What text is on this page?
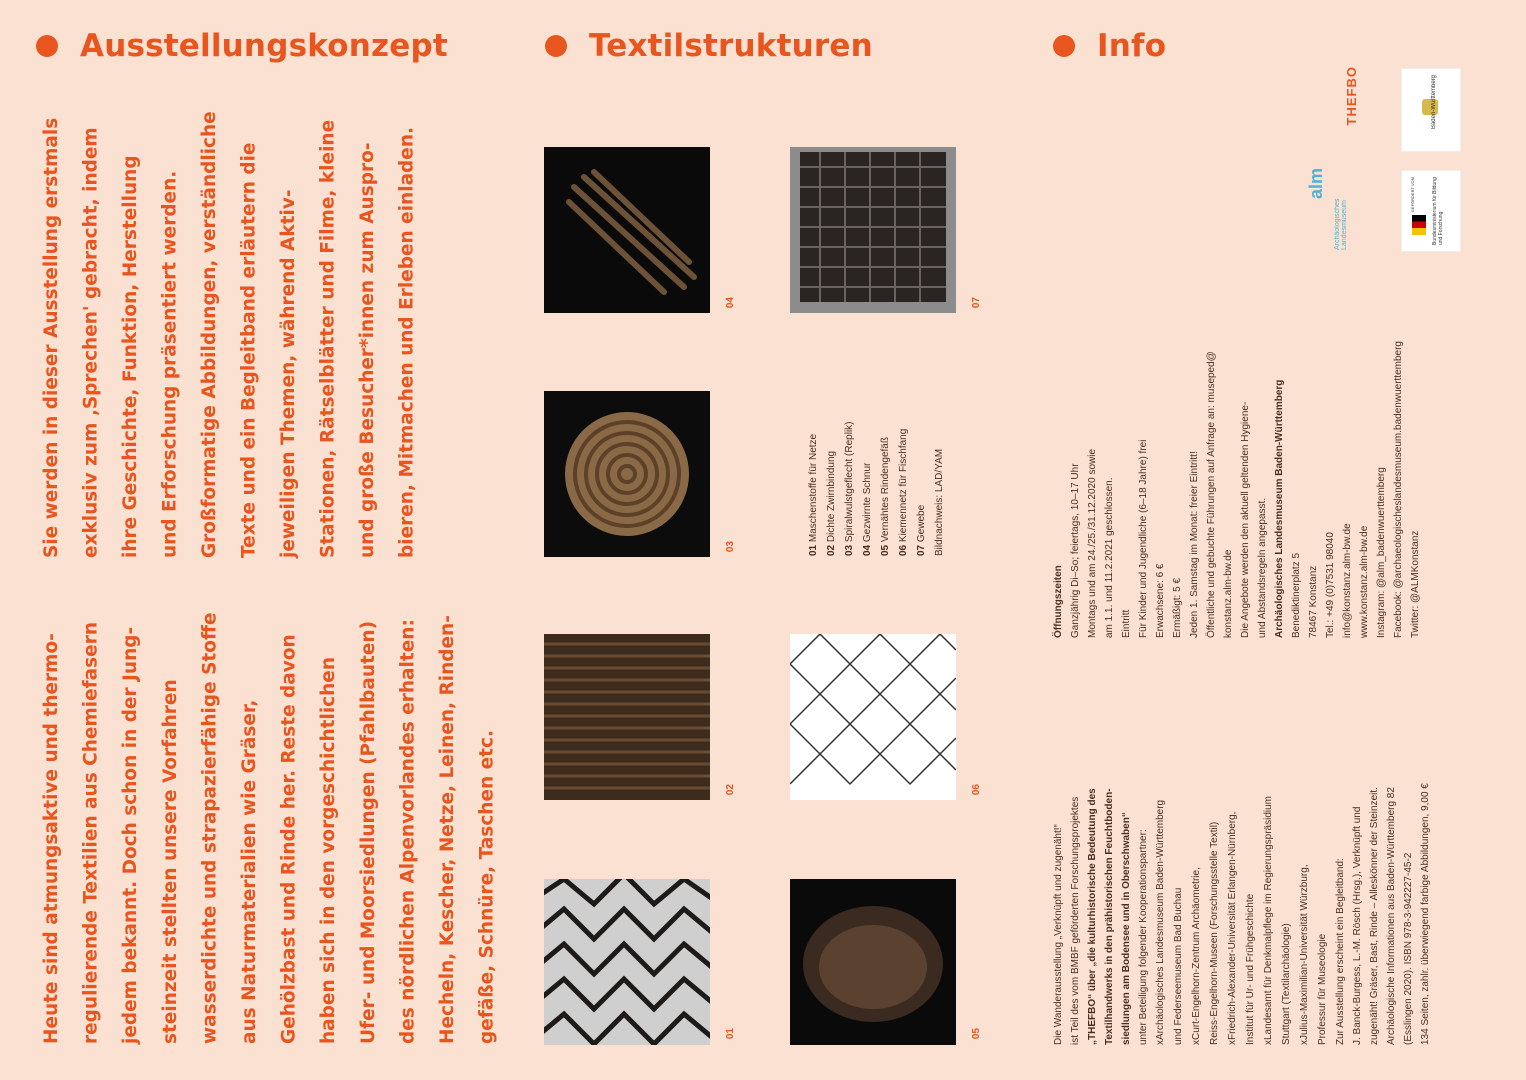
Ausstellungskonzept	Textilstrukturen	Info
Sie werden in dieser Ausstellung erstmals	exklusiv zum ‚Sprechen' gebracht, indem	ihre Geschichte, Funktion, Herstellung	und Erforschung präsentiert werden.	Großformatige Abbildungen, verständliche	Texte und ein Begleitband erläutern die	jeweiligen Themen, während Aktiv-	Stationen, Rätselblätter und Filme, kleine	und große Besucher*innen zum Auspro-	bieren, Mitmachen und Erleben einladen.
Heute sind atmungsaktive und thermo-	regulierende Textilien aus Chemiefasern	jedem bekannt. Doch schon in der Jung-	steinzeit stellten unsere Vorfahren	wasserdichte und strapazierfähige Stoffe	aus Naturmaterialien wie Gräser,	Gehölzbast und Rinde her. Reste davon	haben sich in den vorgeschichtlichen	Ufer- und Moorsiedlungen (Pfahlbauten)	des nördlichen Alpenvorlandes erhalten:	Hecheln, Kescher, Netze, Leinen, Rinden-	gefäße, Schnüre, Taschen etc.	01
02
03
04
05
06
07
01 Maschenstoffe für Netze
02 Dichte Zwirnbindung
03 Spiralwulstgeflecht (Replik)
04 Gezwirnte Schnur
05 Vernähtes Rindengefäß
06 Kiemennetz für Fischfang
07 Gewebe Bildnachweis: LAD/YAM
Öffnungszeiten Ganzjährig Di–So; feiertags, 10–17 Uhr Montags und am 24./25./31.12.2020 sowie am 1.1. und 11.2.2021 geschlossen. Eintritt Für Kinder und Jugendliche (6–18 Jahre) frei Erwachsene: 6 € Ermäßigt: 5 € Jeden 1. Samstag im Monat: freier Eintritt! Öffentliche und gebuchte Führungen auf Anfrage an: museped@ konstanz.alm-bw.de Die Angebote werden den aktuell geltenden Hygiene- und Abstandsregeln angepasst. Archäologisches Landesmuseum Baden-Württemberg Benediktinerplatz 5 78467 Konstanz Tel.: +49 (0)7531 98040 info@konstanz.alm-bw.de www.konstanz.alm-bw.de Instagram: @alm_badenwuerttemberg Facebook: @archaeologischeslandesmuseum.badenwuerttemberg Twitter: @ALMKonstanz
Die Wanderausstellung „Verknüpft und zugenäht!“ ist Teil des vom BMBF geförderten Forschungsprojektes „THEFBO“ über „die kulturhistorische Bedeutung des Textilhandwerks in den prähistorischen Feuchtboden- siedlungen am Bodensee und in Oberschwaben“ unter Beteiligung folgender Kooperationspartner: xArchäologisches Landesmuseum Baden-Württemberg und Federseemuseum Bad Buchau xCurt-Engelhorn-Zentrum Archäometrie, Reiss-Engelhorn-Museen (Forschungsstelle Textil) xFriedrich-Alexander-Universität Erlangen-Nürnberg, Institut für Ur- und Frühgeschichte xLandesamt für Denkmalpflege im Regierungspräsidium Stuttgart (Textilarchäologie) xJulius-Maximilian-Universität Würzburg, Professur für Museologie Zur Ausstellung erscheint ein Begleitband: J. Banck-Burgess, L.-M. Rösch (Hrsg.), Verknüpft und zugenäht! Gräser, Bast, Rinde – Alleskönner der Steinzeit. Archäologische Informationen aus Baden-Württemberg 82 (Esslingen 2020). ISBN 978-3-942227-45-2 134 Seiten, zahlr. überwiegend farbige Abbildungen, 9,00 €
alm
Archäologisches Landesmuseum
THEFBO	Baden-Württemberg
GEFÖRDERT VOM	Bundesministerium für Bildung und Forschung
